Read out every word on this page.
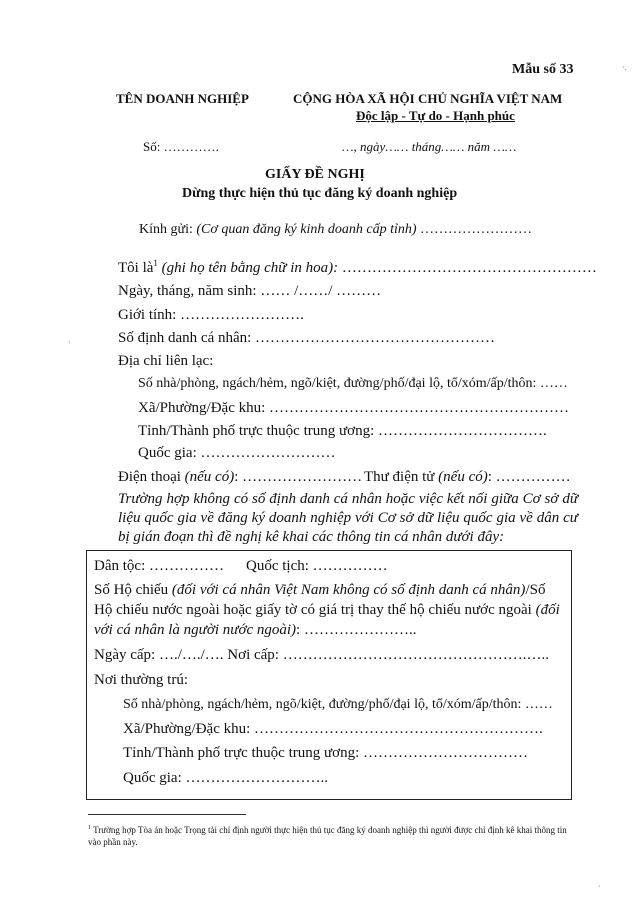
Mẫu số 33	·.
TÊN DOANH NGHIỆP	CỘNG HÒA XÃ HỘI CHỦ NGHĨA VIỆT NAM
Độc lập - Tự do - Hạnh phúc
Số: ………….	…, ngày…… tháng…… năm ……
GIẤY ĐỀ NGHỊ
Dừng thực hiện thủ tục đăng ký doanh nghiệp
Kính gửi: (Cơ quan đăng ký kinh doanh cấp tỉnh) ……………………
Tôi $là^1$ (ghi họ tên bằng chữ in hoa): ……………………………………………
Ngày, tháng, năm sinh: …… /……/ ………
Giới tính: …………………….
Số định danh cá nhân: …………………………………………
·
Địa chỉ liên lạc:
Số nhà/phòng, ngách/hẻm, ngõ/kiệt, đường/phố/đại lộ, tổ/xóm/ấp/thôn: ……
Xã/Phường/Đặc khu: ……………………………………………………
Tỉnh/Thành phố trực thuộc trung ương: …………………………….
Quốc gia: ………………………
Điện thoại (nếu có): …………………… Thư điện tử (nếu có): ……………
Trường hợp không có số định danh cá nhân hoặc việc kết nối giữa Cơ sở dữ liệu quốc gia về đăng ký doanh nghiệp với Cơ sở dữ liệu quốc gia về dân cư bị gián đoạn thì đề nghị kê khai các thông tin cá nhân dưới đây:
Dân tộc: …………… Quốc tịch: ……………
Số Hộ chiếu (đối với cá nhân Việt Nam không có số định danh cá nhân)/Số Hộ chiếu nước ngoài hoặc giấy tờ có giá trị thay thế hộ chiếu nước ngoài (đối với cá nhân là người nước ngoài): …………………..
Ngày cấp: …./…./…. Nơi cấp: ………………………………………….…..
Nơi thường trú:
Số nhà/phòng, ngách/hẻm, ngõ/kiệt, đường/phố/đại lộ, tổ/xóm/ấp/thôn: ……
Xã/Phường/Đặc khu: ………………………………………………….
Tỉnh/Thành phố trực thuộc trung ương: ……………………………
Quốc gia: ………………………..
$^1$ Trường hợp Tòa án hoặc Trọng tài chỉ định người thực hiện thủ tục đăng ký doanh nghiệp thì người được chỉ định kê khai thông tin vào phần này.
·
